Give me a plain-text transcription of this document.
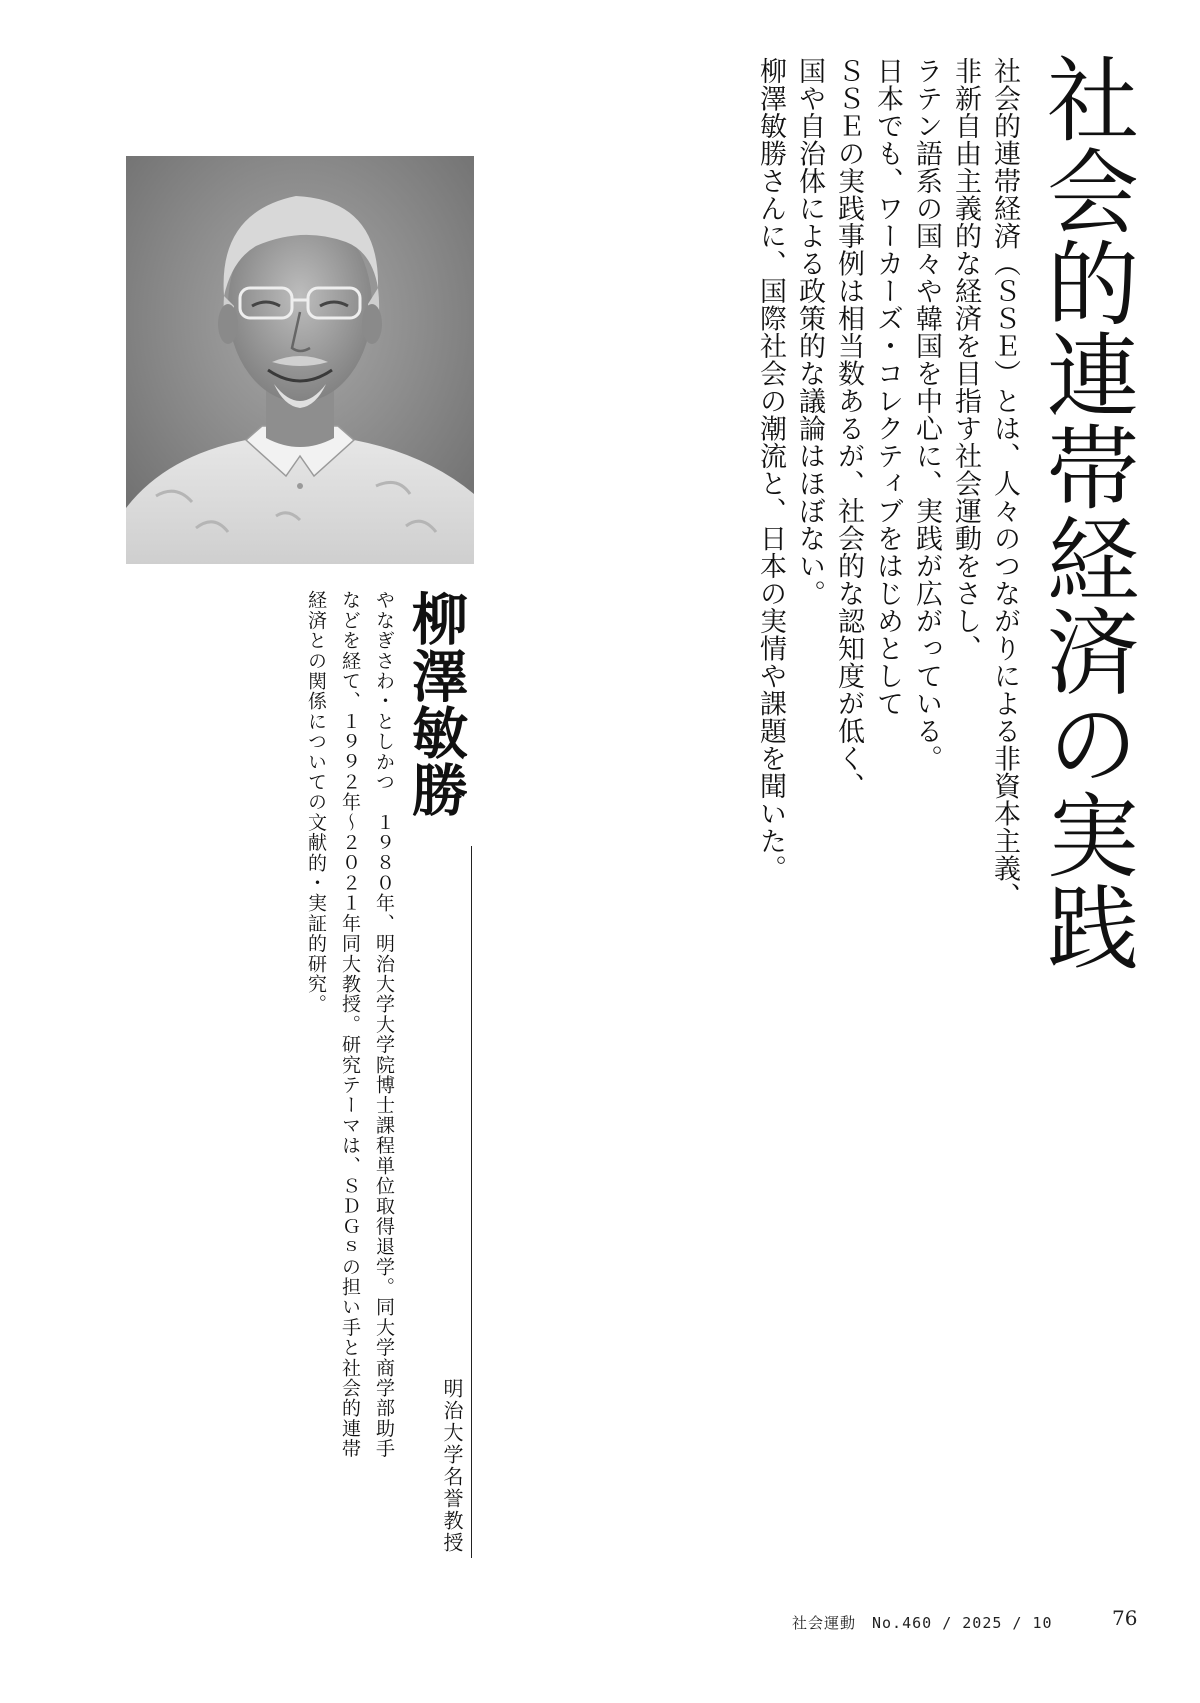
社会的連帯経済の実践
社会的連帯経済（ＳＳＥ）とは、人々のつながりによる非資本主義、
非新自由主義的な経済を目指す社会運動をさし、
ラテン語系の国々や韓国を中心に、実践が広がっている。
日本でも、ワーカーズ・コレクティブをはじめとして
ＳＳＥの実践事例は相当数あるが、社会的な認知度が低く、
国や自治体による政策的な議論はほぼない。
柳澤敏勝さんに、国際社会の潮流と、日本の実情や課題を聞いた。
柳澤敏勝
明治大学名誉教授
やなぎさわ・としかつ　１９８０年、明治大学大学院博士課程単位取得退学。同大学商学部助手
などを経て、１９９２年〜２０２１年同大教授。研究テーマは、ＳＤＧｓの担い手と社会的連帯
経済との関係についての文献的・実証的研究。
社会運動　No.460 / 2025 / 10	76
